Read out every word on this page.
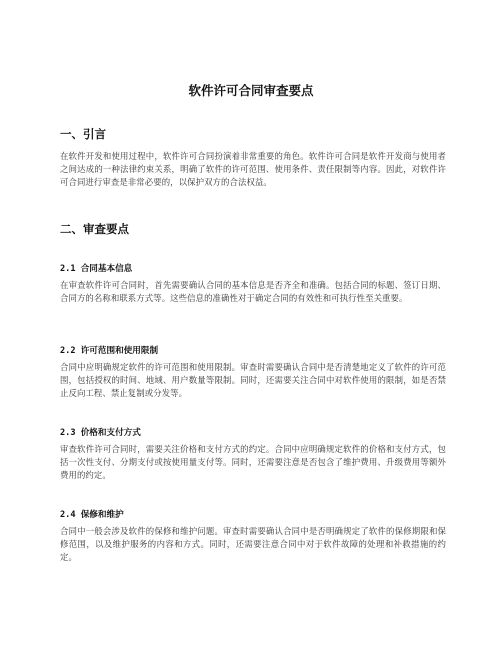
软件许可合同审查要点
一、引言

在软件开发和使用过程中，软件许可合同扮演着非常重要的角色。软件许可合同是软件开发商与使用者之间达成的一种法律约束关系，明确了软件的许可范围、使用条件、责任限制等内容。因此，对软件许可合同进行审查是非常必要的，以保护双方的合法权益。

二、审查要点
2.1 合同基本信息

在审查软件许可合同时，首先需要确认合同的基本信息是否齐全和准确。包括合同的标题、签订日期、合同方的名称和联系方式等。这些信息的准确性对于确定合同的有效性和可执行性至关重要。

2.2 许可范围和使用限制

合同中应明确规定软件的许可范围和使用限制。审查时需要确认合同中是否清楚地定义了软件的许可范围，包括授权的时间、地域、用户数量等限制。同时，还需要关注合同中对软件使用的限制，如是否禁止反向工程、禁止复制或分发等。

2.3 价格和支付方式

审查软件许可合同时，需要关注价格和支付方式的约定。合同中应明确规定软件的价格和支付方式，包括一次性支付、分期支付或按使用量支付等。同时，还需要注意是否包含了维护费用、升级费用等额外费用的约定。

2.4 保修和维护

合同中一般会涉及软件的保修和维护问题。审查时需要确认合同中是否明确规定了软件的保修期限和保修范围，以及维护服务的内容和方式。同时，还需要注意合同中对于软件故障的处理和补救措施的约定。
